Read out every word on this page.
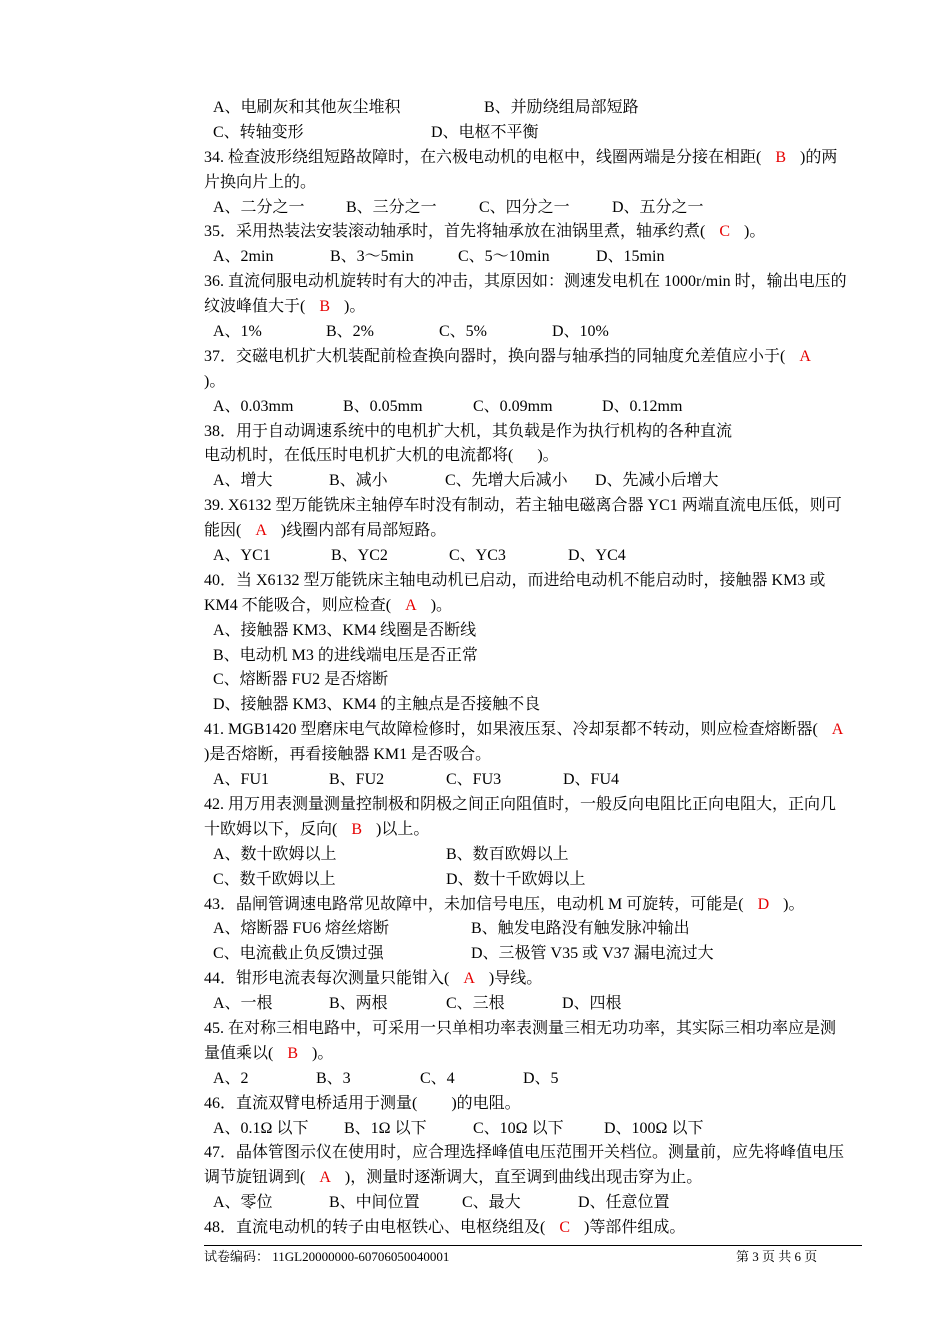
A、电刷灰和其他灰尘堆积	B、并励绕组局部短路
C、转轴变形	D、电枢不平衡
34. 检查波形绕组短路故障时，在六极电动机的电枢中，线圈两端是分接在相距( B )的两
片换向片上的。
A、二分之一	B、三分之一	C、四分之一	D、五分之一
35．采用热装法安装滚动轴承时，首先将轴承放在油锅里煮，轴承约煮( C )。
A、2min	B、3～5min	C、5～10min	D、15min
36. 直流伺服电动机旋转时有大的冲击，其原因如：测速发电机在 1000r/min 时，输出电压的
纹波峰值大于( B )。
A、1%	B、2%	C、5%	D、10%
37．交磁电机扩大机装配前检查换向器时，换向器与轴承挡的同轴度允差值应小于( A
)。
A、0.03mm	B、0.05mm	C、0.09mm	D、0.12mm
38．用于自动调速系统中的电机扩大机，其负载是作为执行机构的各种直流
电动机时，在低压时电机扩大机的电流都将( )。
A、增大	B、减小	C、先增大后减小 D、先减小后增大
39. X6132 型万能铣床主轴停车时没有制动，若主轴电磁离合器 YC1 两端直流电压低，则可
能因( A )线圈内部有局部短路。
A、YC1	B、YC2	C、YC3	D、YC4
40．当 X6132 型万能铣床主轴电动机已启动，而进给电动机不能启动时，接触器 KM3 或
KM4 不能吸合，则应检查( A )。
A、接触器 KM3、KM4 线圈是否断线
B、电动机 M3 的进线端电压是否正常
C、熔断器 FU2 是否熔断
D、接触器 KM3、KM4 的主触点是否接触不良
41. MGB1420 型磨床电气故障检修时，如果液压泵、冷却泵都不转动，则应检查熔断器( A
)是否熔断，再看接触器 KM1 是否吸合。
A、FU1	B、FU2	C、FU3	D、FU4
42. 用万用表测量测量控制极和阴极之间正向阻值时，一般反向电阻比正向电阻大，正向几
十欧姆以下，反向( B )以上。
A、数十欧姆以上	B、数百欧姆以上
C、数千欧姆以上	D、数十千欧姆以上
43．晶闸管调速电路常见故障中，未加信号电压，电动机 M 可旋转，可能是( D )。
A、熔断器 FU6 熔丝熔断	B、触发电路没有触发脉冲输出
C、电流截止负反馈过强	D、三极管 V35 或 V37 漏电流过大
44．钳形电流表每次测量只能钳入( A )导线。
A、一根	B、两根	C、三根	D、四根
45. 在对称三相电路中，可采用一只单相功率表测量三相无功功率，其实际三相功率应是测
量值乘以( B )。
A、2	B、3	C、4	D、5
46．直流双臂电桥适用于测量( )的电阻。
A、0.1Ω 以下 B、1Ω 以下	C、10Ω 以下	D、100Ω 以下
47．晶体管图示仪在使用时，应合理选择峰值电压范围开关档位。测量前，应先将峰值电压
调节旋钮调到( A )，测量时逐渐调大，直至调到曲线出现击穿为止。
A、零位	B、中间位置	C、最大	D、任意位置
48．直流电动机的转子由电枢铁心、电枢绕组及( C )等部件组成。
试卷编码： 11GL20000000-60706050040001	第 3 页 共 6 页
